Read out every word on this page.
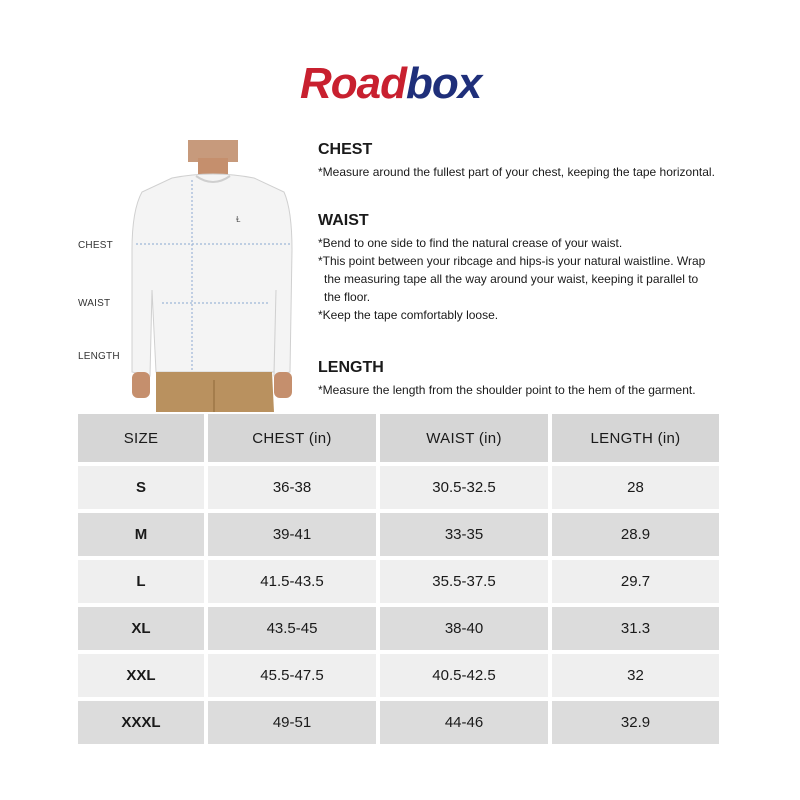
Roadbox
Ɫ
CHEST
WAIST
LENGTH
CHEST

*Measure around the fullest part of your chest, keeping the tape horizontal.

WAIST

*Bend to one side to find the natural crease of your waist.

*This point between your ribcage and hips-is your natural waistline. Wrap

the measuring tape all the way around your waist, keeping it parallel to

the floor.

*Keep the tape comfortably loose.

LENGTH

*Measure the length from the shoulder point to the hem of the garment.

SIZE	CHEST (in)	WAIST (in)	LENGTH (in)
S	36-38	30.5-32.5	28
M	39-41	33-35	28.9
L	41.5-43.5	35.5-37.5	29.7
XL	43.5-45	38-40	31.3
XXL	45.5-47.5	40.5-42.5	32
XXXL	49-51	44-46	32.9
